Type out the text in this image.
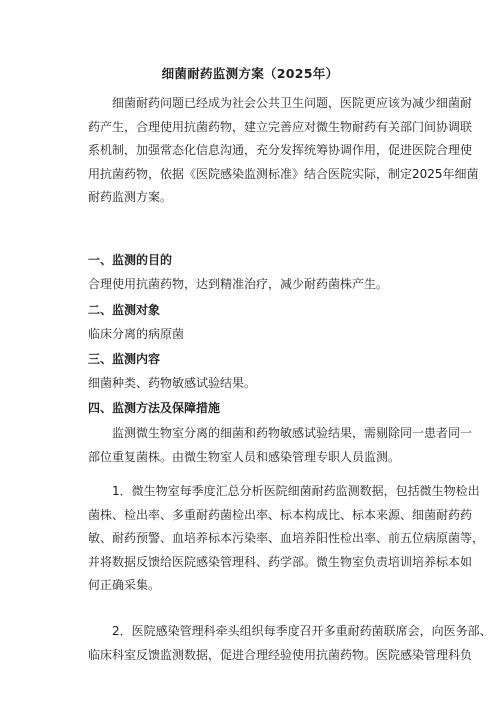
细菌耐药监测方案（2025年）
细菌耐药问题已经成为社会公共卫生问题，医院更应该为减少细菌耐
药产生，合理使用抗菌药物，建立完善应对微生物耐药有关部门间协调联
系机制，加强常态化信息沟通，充分发挥统筹协调作用，促进医院合理使
用抗菌药物，依据《医院感染监测标准》结合医院实际，制定2025年细菌
耐药监测方案。
一、监测的目的
合理使用抗菌药物，达到精准治疗，减少耐药菌株产生。
二、监测对象
临床分离的病原菌
三、监测内容
细菌种类、药物敏感试验结果。
四、监测方法及保障措施
监测微生物室分离的细菌和药物敏感试验结果，需剔除同一患者同一
部位重复菌株。由微生物室人员和感染管理专职人员监测。
1．微生物室每季度汇总分析医院细菌耐药监测数据，包括微生物检出
菌株、检出率、多重耐药菌检出率、标本构成比、标本来源、细菌耐药药
敏、耐药预警、血培养标本污染率、血培养阳性检出率、前五位病原菌等，
并将数据反馈给医院感染管理科、药学部。微生物室负责培训培养标本如
何正确采集。
2．医院感染管理科牵头组织每季度召开多重耐药菌联席会，向医务部、
临床科室反馈监测数据，促进合理经验使用抗菌药物。医院感染管理科负
